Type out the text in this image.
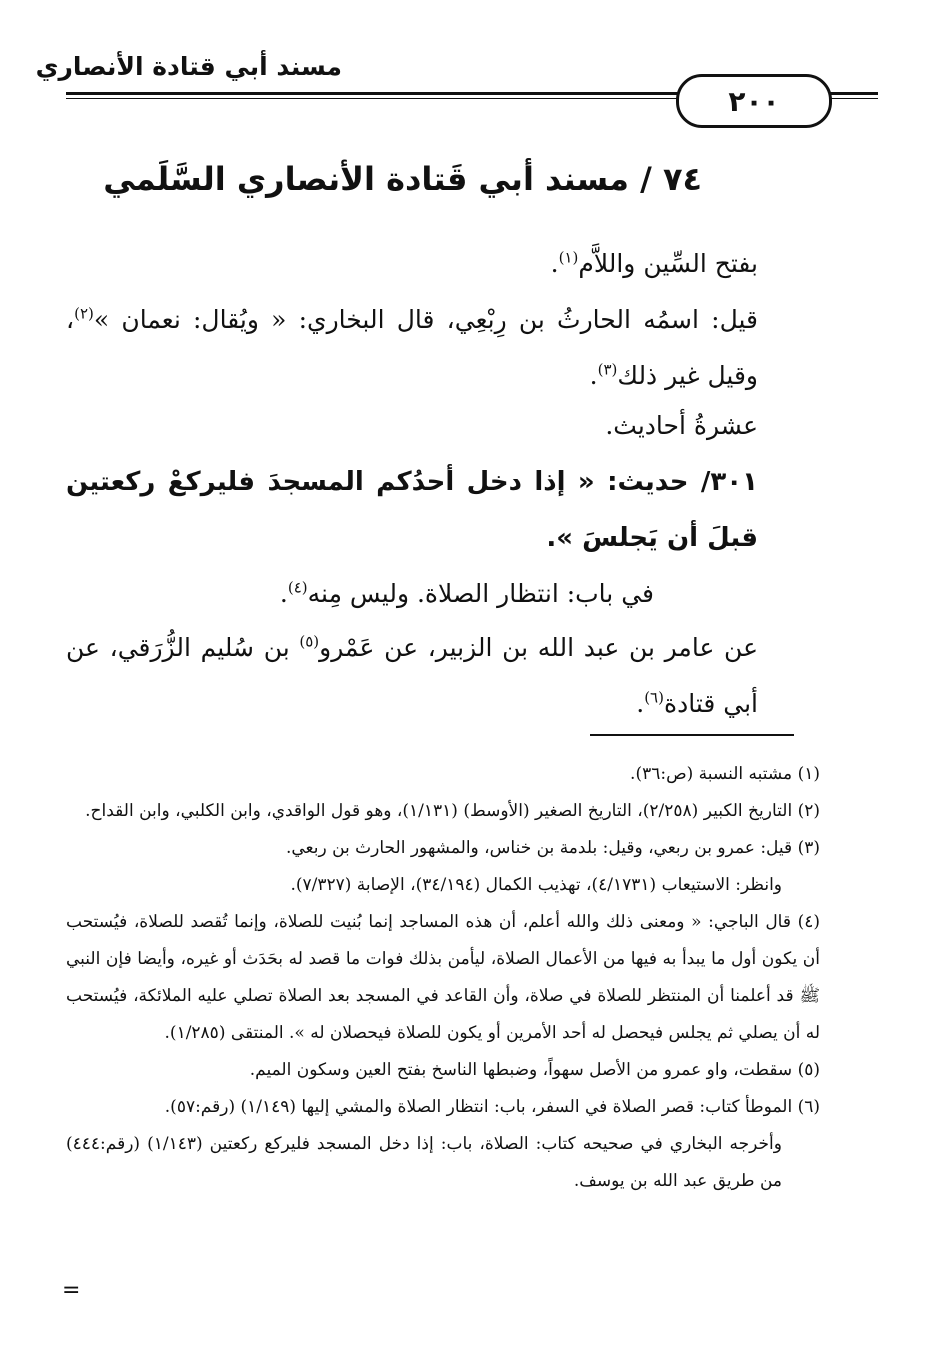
مسند أبي قتادة الأنصاري
٢٠٠
٧٤ / مسند أبي قَتادة الأنصاري السَّلَمي
بفتح السِّين واللاَّم$^{(١)}$.
قيل: اسمُه الحارثُ بن رِبْعِي، قال البخاري: « ويُقال: نعمان »$^{(٢)}$، وقيل غير ذلك$^{(٣)}$.
عشرةُ أحاديث.
٣٠١/ حديث: « إذا دخل أحدُكم المسجدَ فليركعْ ركعتين قبلَ أن يَجلسَ ».
في باب: انتظار الصلاة. وليس مِنه$^{(٤)}$.
عن عامر بن عبد الله بن الزبير، عن عَمْرو$^{(٥)}$ بن سُليم الزُّرَقي، عن أبي قتادة$^{(٦)}$.
(١) مشتبه النسبة (ص:٣٦).
(٢) التاريخ الكبير (٢/٢٥٨)، التاريخ الصغير (الأوسط) (١/١٣١)، وهو قول الواقدي، وابن الكلبي، وابن القداح.
(٣) قيل: عمرو بن ربعي، وقيل: بلدمة بن خناس، والمشهور الحارث بن ربعي.
وانظر: الاستيعاب (٤/١٧٣١)، تهذيب الكمال (٣٤/١٩٤)، الإصابة (٧/٣٢٧).
(٤) قال الباجي: « ومعنى ذلك والله أعلم، أن هذه المساجد إنما بُنيت للصلاة، وإنما تُقصد للصلاة، فيُستحب أن يكون أول ما يبدأ به فيها من الأعمال الصلاة، ليأمن بذلك فوات ما قصد له بحَدَث أو غيره، وأيضا فإن النبي ﷺ قد أعلمنا أن المنتظر للصلاة في صلاة، وأن القاعد في المسجد بعد الصلاة تصلي عليه الملائكة، فيُستحب له أن يصلي ثم يجلس فيحصل له أحد الأمرين أو يكون للصلاة فيحصلان له ». المنتقى (١/٢٨٥).
(٥) سقطت، واو عمرو من الأصل سهواً، وضبطها الناسخ بفتح العين وسكون الميم.
(٦) الموطأ كتاب: قصر الصلاة في السفر، باب: انتظار الصلاة والمشي إليها (١/١٤٩) (رقم:٥٧).
وأخرجه البخاري في صحيحه كتاب: الصلاة، باب: إذا دخل المسجد فليركع ركعتين (١/١٤٣) (رقم:٤٤٤) من طريق عبد الله بن يوسف.
=
